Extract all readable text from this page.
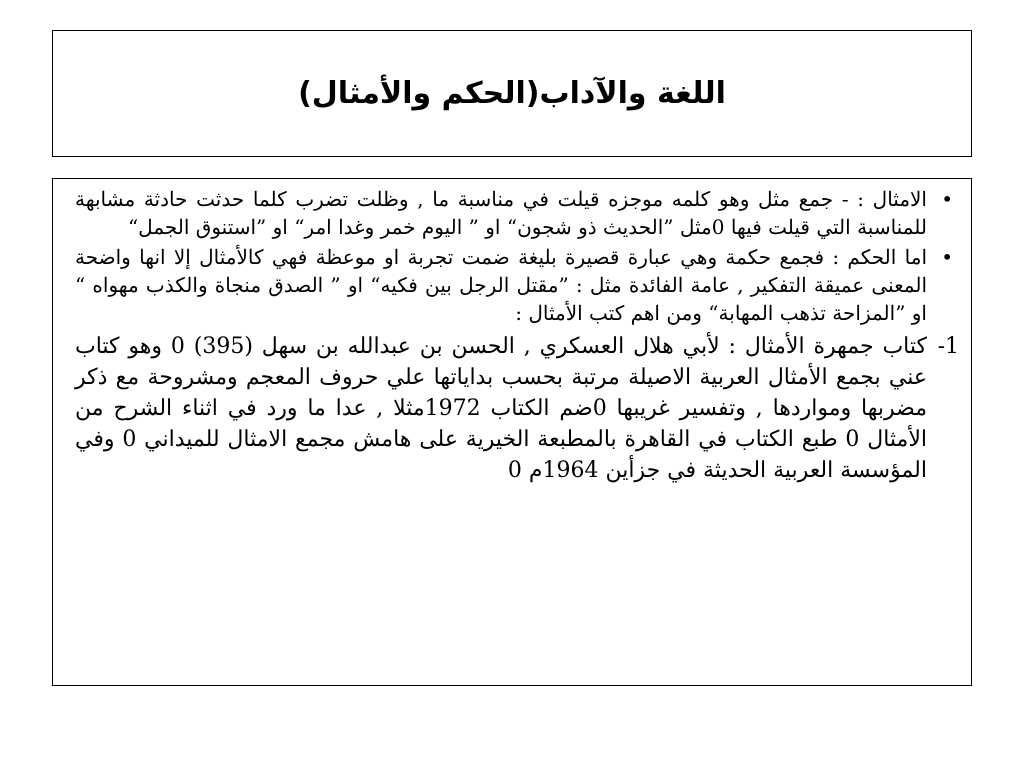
اللغة والآداب(الحكم والأمثال)
• الامثال : - جمع مثل وهو كلمه موجزه قيلت في مناسبة ما , وظلت تضرب كلما حدثت حادثة مشابهة للمناسبة التي قيلت فيها 0مثل ”الحديث ذو شجون“ او ” اليوم خمر وغدا امر“ او ”استنوق الجمل“
• اما الحكم : فجمع حكمة وهي عبارة قصيرة بليغة ضمت تجربة او موعظة فهي كالأمثال إلا انها واضحة المعنى عميقة التفكير , عامة الفائدة مثل : ”مقتل الرجل بين فكيه“ او ” الصدق منجاة والكذب مهواه “ او ”المزاحة تذهب المهابة“ ومن اهم كتب الأمثال :
1-
كتاب جمهرة الأمثال : لأبي هلال العسكري , الحسن بن عبدالله بن سهل (395) 0 وهو كتاب عني بجمع الأمثال العربية الاصيلة مرتبة بحسب بداياتها علي حروف المعجم ومشروحة مع ذكر مضربها ومواردها , وتفسير غريبها 0ضم الكتاب 1972مثلا , عدا ما ورد في اثناء الشرح من الأمثال 0 طبع الكتاب في القاهرة بالمطبعة الخيرية على هامش مجمع الامثال للميداني 0 وفي المؤسسة العربية الحديثة في جزأين 1964م 0
